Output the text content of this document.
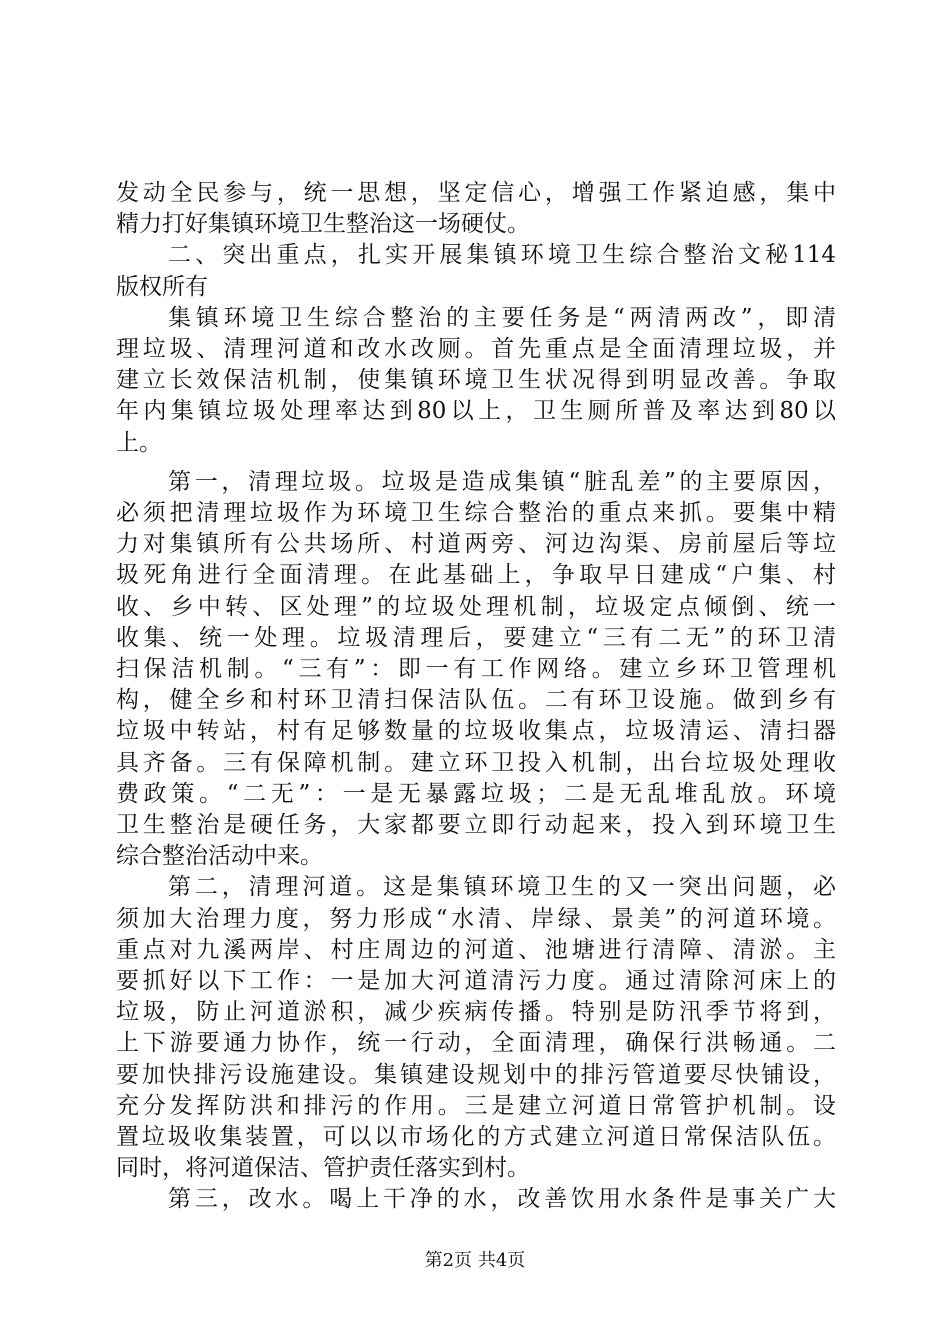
发动全民参与，统一思想，坚定信心，增强工作紧迫感，集中
精力打好集镇环境卫生整治这一场硬仗。
二、突出重点，扎实开展集镇环境卫生综合整治文秘114
版权所有
集镇环境卫生综合整治的主要任务是“两清两改”，即清
理垃圾、清理河道和改水改厕。首先重点是全面清理垃圾，并
建立长效保洁机制，使集镇环境卫生状况得到明显改善。争取
年内集镇垃圾处理率达到80以上，卫生厕所普及率达到80以
上。
第一，清理垃圾。垃圾是造成集镇“脏乱差”的主要原因，
必须把清理垃圾作为环境卫生综合整治的重点来抓。要集中精
力对集镇所有公共场所、村道两旁、河边沟渠、房前屋后等垃
圾死角进行全面清理。在此基础上，争取早日建成“户集、村
收、乡中转、区处理”的垃圾处理机制，垃圾定点倾倒、统一
收集、统一处理。垃圾清理后，要建立“三有二无”的环卫清
扫保洁机制。“三有”：即一有工作网络。建立乡环卫管理机
构，健全乡和村环卫清扫保洁队伍。二有环卫设施。做到乡有
垃圾中转站，村有足够数量的垃圾收集点，垃圾清运、清扫器
具齐备。三有保障机制。建立环卫投入机制，出台垃圾处理收
费政策。“二无”：一是无暴露垃圾；二是无乱堆乱放。环境
卫生整治是硬任务，大家都要立即行动起来，投入到环境卫生
综合整治活动中来。
第二，清理河道。这是集镇环境卫生的又一突出问题，必
须加大治理力度，努力形成“水清、岸绿、景美”的河道环境。
重点对九溪两岸、村庄周边的河道、池塘进行清障、清淤。主
要抓好以下工作：一是加大河道清污力度。通过清除河床上的
垃圾，防止河道淤积，减少疾病传播。特别是防汛季节将到，
上下游要通力协作，统一行动，全面清理，确保行洪畅通。二
要加快排污设施建设。集镇建设规划中的排污管道要尽快铺设，
充分发挥防洪和排污的作用。三是建立河道日常管护机制。设
置垃圾收集装置，可以以市场化的方式建立河道日常保洁队伍。
同时，将河道保洁、管护责任落实到村。
第三，改水。喝上干净的水，改善饮用水条件是事关广大
第2页 共4页
